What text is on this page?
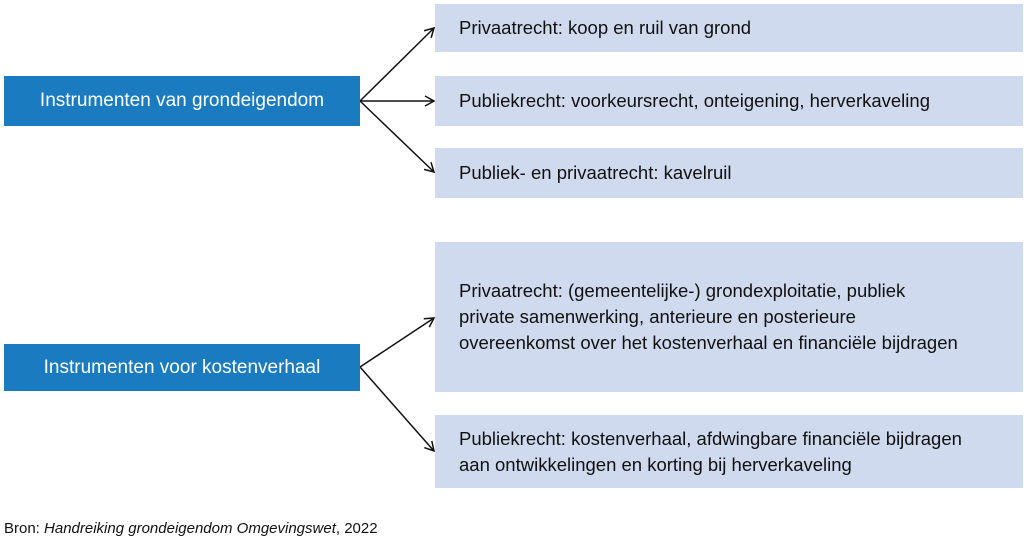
Instrumenten van grondeigendom
Instrumenten voor kostenverhaal
Privaatrecht: koop en ruil van grond
Publiekrecht: voorkeursrecht, onteigening, herverkaveling
Publiek- en privaatrecht: kavelruil
Privaatrecht: (gemeentelijke-) grondexploitatie, publiek private samenwerking, anterieure en posterieure overeenkomst over het kostenverhaal en financiële bijdragen
Publiekrecht: kostenverhaal, afdwingbare financiële bijdragen aan ontwikkelingen en korting bij herverkaveling
Bron: Handreiking grondeigendom Omgevingswet, 2022
